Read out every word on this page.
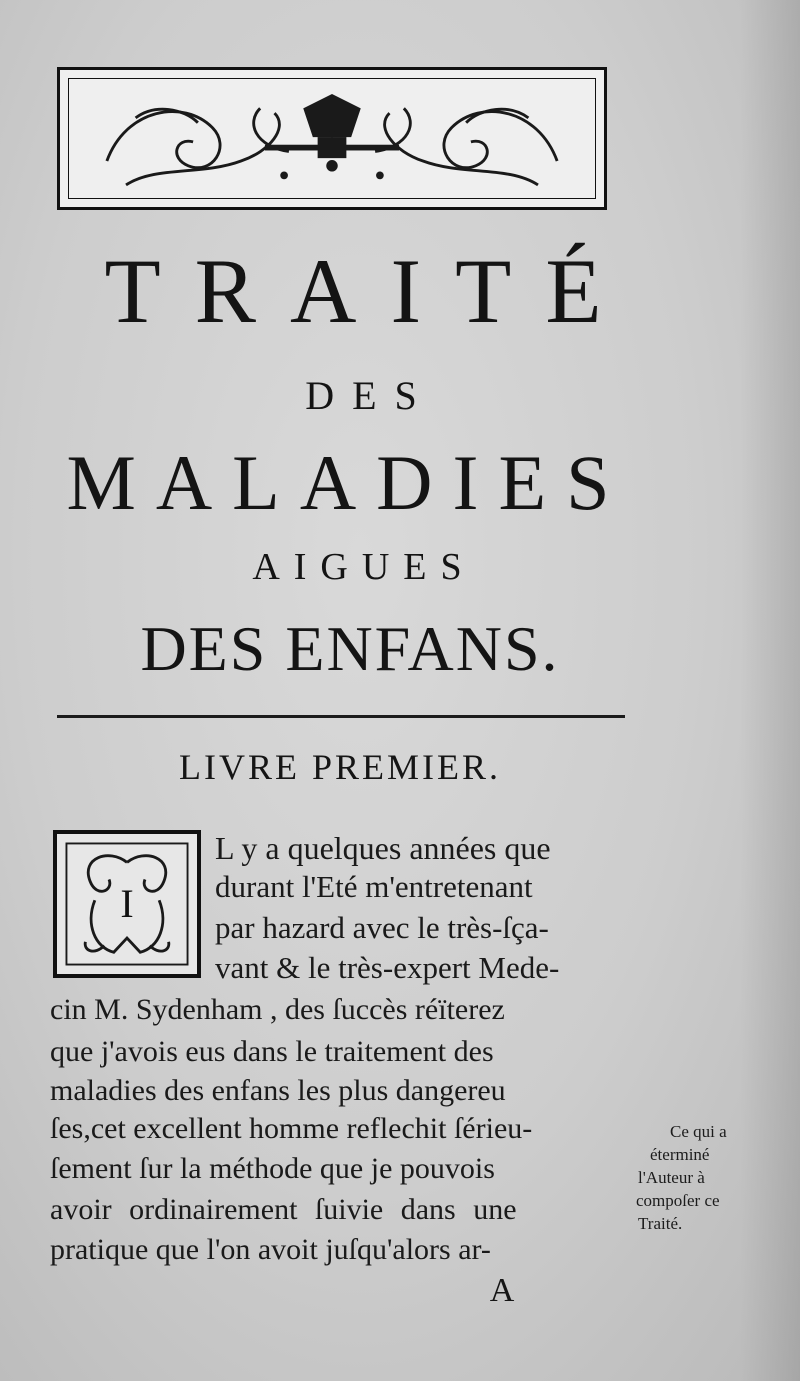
TRAITÉ
DES
MALADIES
AIGUES
DES ENFANS.
LIVRE PREMIER.
I
L y a quelques années que
durant l'Eté m'entretenant
par hazard avec le très-ſça-
vant & le très-expert Mede-
cin M. Sydenham , des ſuccès réïterez
que j'avois eus dans le traitement des
maladies des enfans les plus dangereu
ſes,cet excellent homme reflechit ſérieu-
ſement ſur la méthode que je pouvois
avoir ordinairement ſuivie dans une
pratique que l'on avoit juſqu'alors ar-
Ce qui a
éterminé
l'Auteur à
compoſer ce
Traité.
A
